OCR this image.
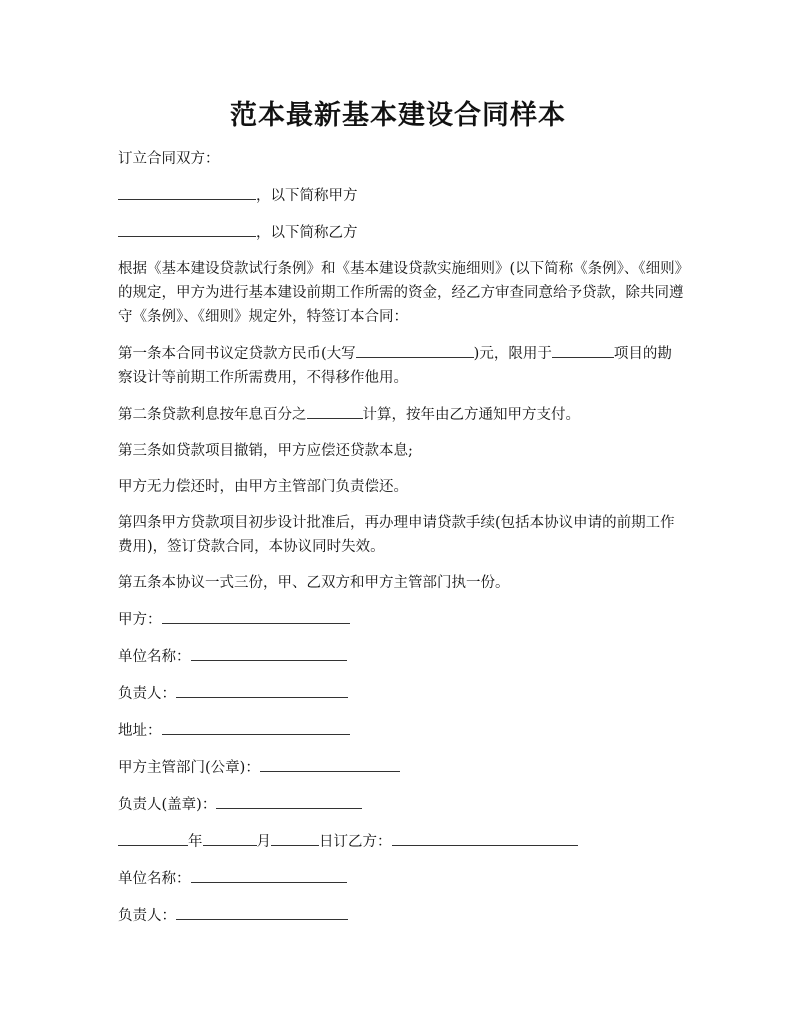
范本最新基本建设合同样本

订立合同双方：

，以下简称甲方

，以下简称乙方

根据《基本建设贷款试行条例》和《基本建设贷款实施细则》(以下简称《条例》、《细则》的规定，甲方为进行基本建设前期工作所需的资金，经乙方审查同意给予贷款，除共同遵守《条例》、《细则》规定外，特签订本合同：

第一条本合同书议定贷款方民币(大写	)元，限用于	项目的勘察设计等前期工作所需费用，不得移作他用。

第二条贷款利息按年息百分之	计算，按年由乙方通知甲方支付。

第三条如贷款项目撤销，甲方应偿还贷款本息;

甲方无力偿还时，由甲方主管部门负责偿还。

第四条甲方贷款项目初步设计批准后，再办理申请贷款手续(包括本协议申请的前期工作费用)，签订贷款合同，本协议同时失效。

第五条本协议一式三份，甲、乙双方和甲方主管部门执一份。

甲方：

单位名称：

负责人：

地址：

甲方主管部门(公章)：

负责人(盖章)：

年	月	日订乙方：

单位名称：

负责人：
